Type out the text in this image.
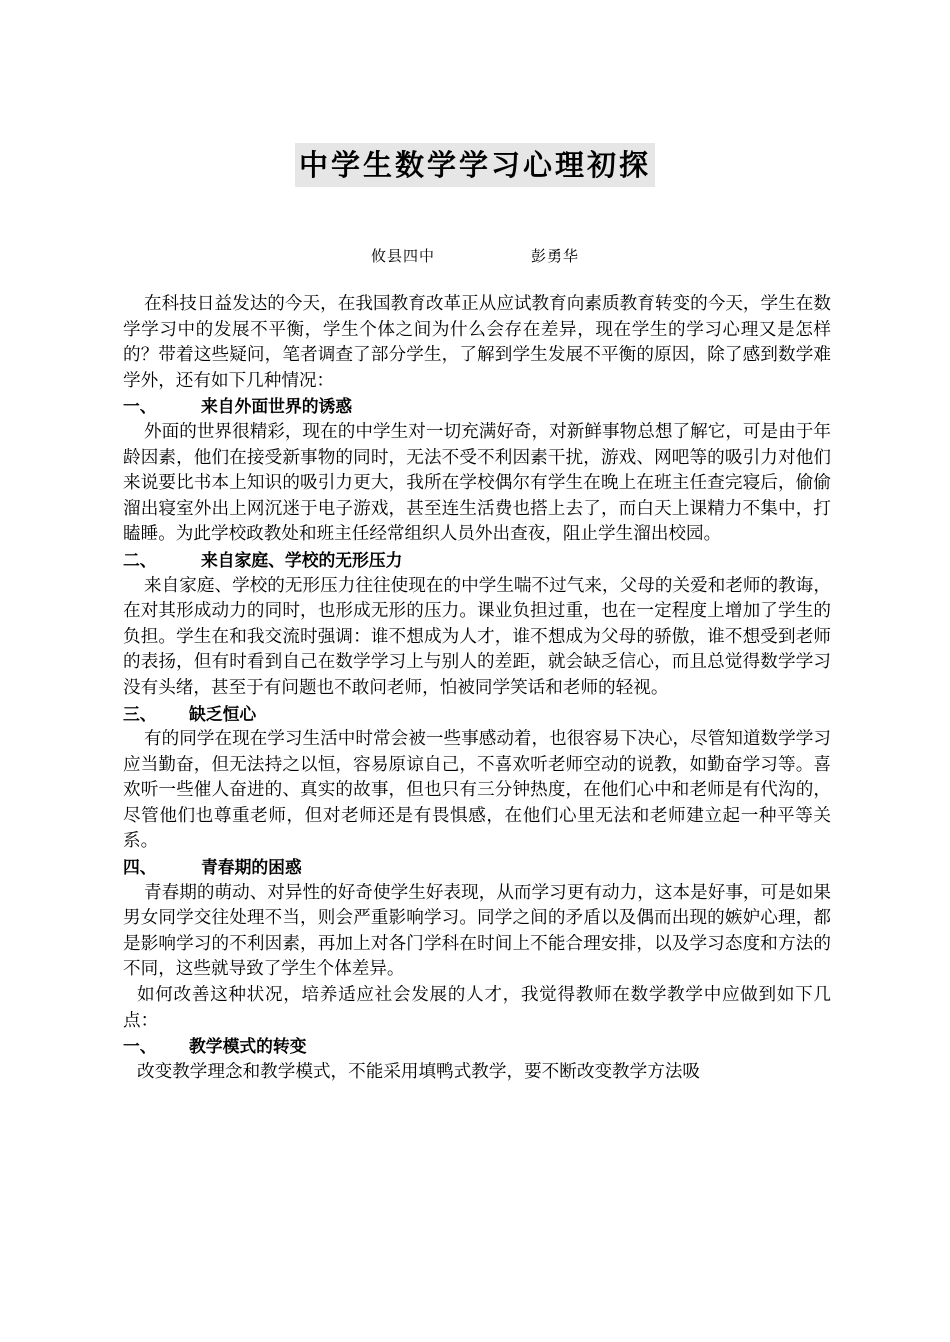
中学生数学学习心理初探
攸县四中	彭勇华

在科技日益发达的今天，在我国教育改革正从应试教育向素质教育转变的今天，学生在数学学习中的发展不平衡，学生个体之间为什么会存在差异，现在学生的学习心理又是怎样的？带着这些疑问，笔者调查了部分学生，了解到学生发展不平衡的原因，除了感到数学难学外，还有如下几种情况：

一、	来自外面世界的诱惑

外面的世界很精彩，现在的中学生对一切充满好奇，对新鲜事物总想了解它，可是由于年龄因素，他们在接受新事物的同时，无法不受不利因素干扰，游戏、网吧等的吸引力对他们来说要比书本上知识的吸引力更大，我所在学校偶尔有学生在晚上在班主任查完寝后，偷偷溜出寝室外出上网沉迷于电子游戏，甚至连生活费也搭上去了，而白天上课精力不集中，打瞌睡。为此学校政教处和班主任经常组织人员外出查夜，阻止学生溜出校园。

二、	来自家庭、学校的无形压力

来自家庭、学校的无形压力往往使现在的中学生喘不过气来，父母的关爱和老师的教诲，在对其形成动力的同时，也形成无形的压力。课业负担过重，也在一定程度上增加了学生的负担。学生在和我交流时强调：谁不想成为人才，谁不想成为父母的骄傲，谁不想受到老师的表扬，但有时看到自己在数学学习上与别人的差距，就会缺乏信心，而且总觉得数学学习没有头绪，甚至于有问题也不敢问老师，怕被同学笑话和老师的轻视。

三、 缺乏恒心

有的同学在现在学习生活中时常会被一些事感动着，也很容易下决心，尽管知道数学学习应当勤奋，但无法持之以恒，容易原谅自己，不喜欢听老师空动的说教，如勤奋学习等。喜欢听一些催人奋进的、真实的故事，但也只有三分钟热度，在他们心中和老师是有代沟的，尽管他们也尊重老师，但对老师还是有畏惧感，在他们心里无法和老师建立起一种平等关系。

四、	青春期的困惑

青春期的萌动、对异性的好奇使学生好表现，从而学习更有动力，这本是好事，可是如果男女同学交往处理不当，则会严重影响学习。同学之间的矛盾以及偶而出现的嫉妒心理，都是影响学习的不利因素，再加上对各门学科在时间上不能合理安排，以及学习态度和方法的不同，这些就导致了学生个体差异。

如何改善这种状况，培养适应社会发展的人才，我觉得教师在数学教学中应做到如下几点：

一、 教学模式的转变

改变教学理念和教学模式，不能采用填鸭式教学，要不断改变教学方法吸
